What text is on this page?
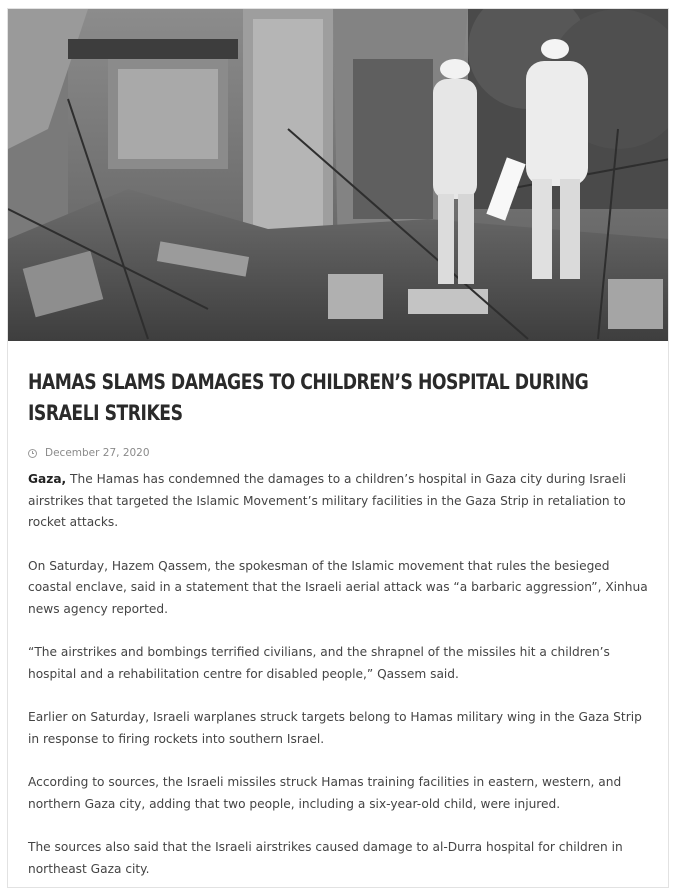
HAMAS SLAMS DAMAGES TO CHILDREN’S HOSPITAL DURING ISRAELI STRIKES
December 27, 2020

Gaza, The Hamas has condemned the damages to a children’s hospital in Gaza city during Israeli airstrikes that targeted the Islamic Movement’s military facilities in the Gaza Strip in retaliation to rocket attacks.

On Saturday, Hazem Qassem, the spokesman of the Islamic movement that rules the besieged coastal enclave, said in a statement that the Israeli aerial attack was “a barbaric aggression”, Xinhua news agency reported.

“The airstrikes and bombings terrified civilians, and the shrapnel of the missiles hit a children’s hospital and a rehabilitation centre for disabled people,” Qassem said.

Earlier on Saturday, Israeli warplanes struck targets belong to Hamas military wing in the Gaza Strip in response to firing rockets into southern Israel.

According to sources, the Israeli missiles struck Hamas training facilities in eastern, western, and northern Gaza city, adding that two people, including a six-year-old child, were injured.

The sources also said that the Israeli airstrikes caused damage to al-Durra hospital for children in northeast Gaza city.
